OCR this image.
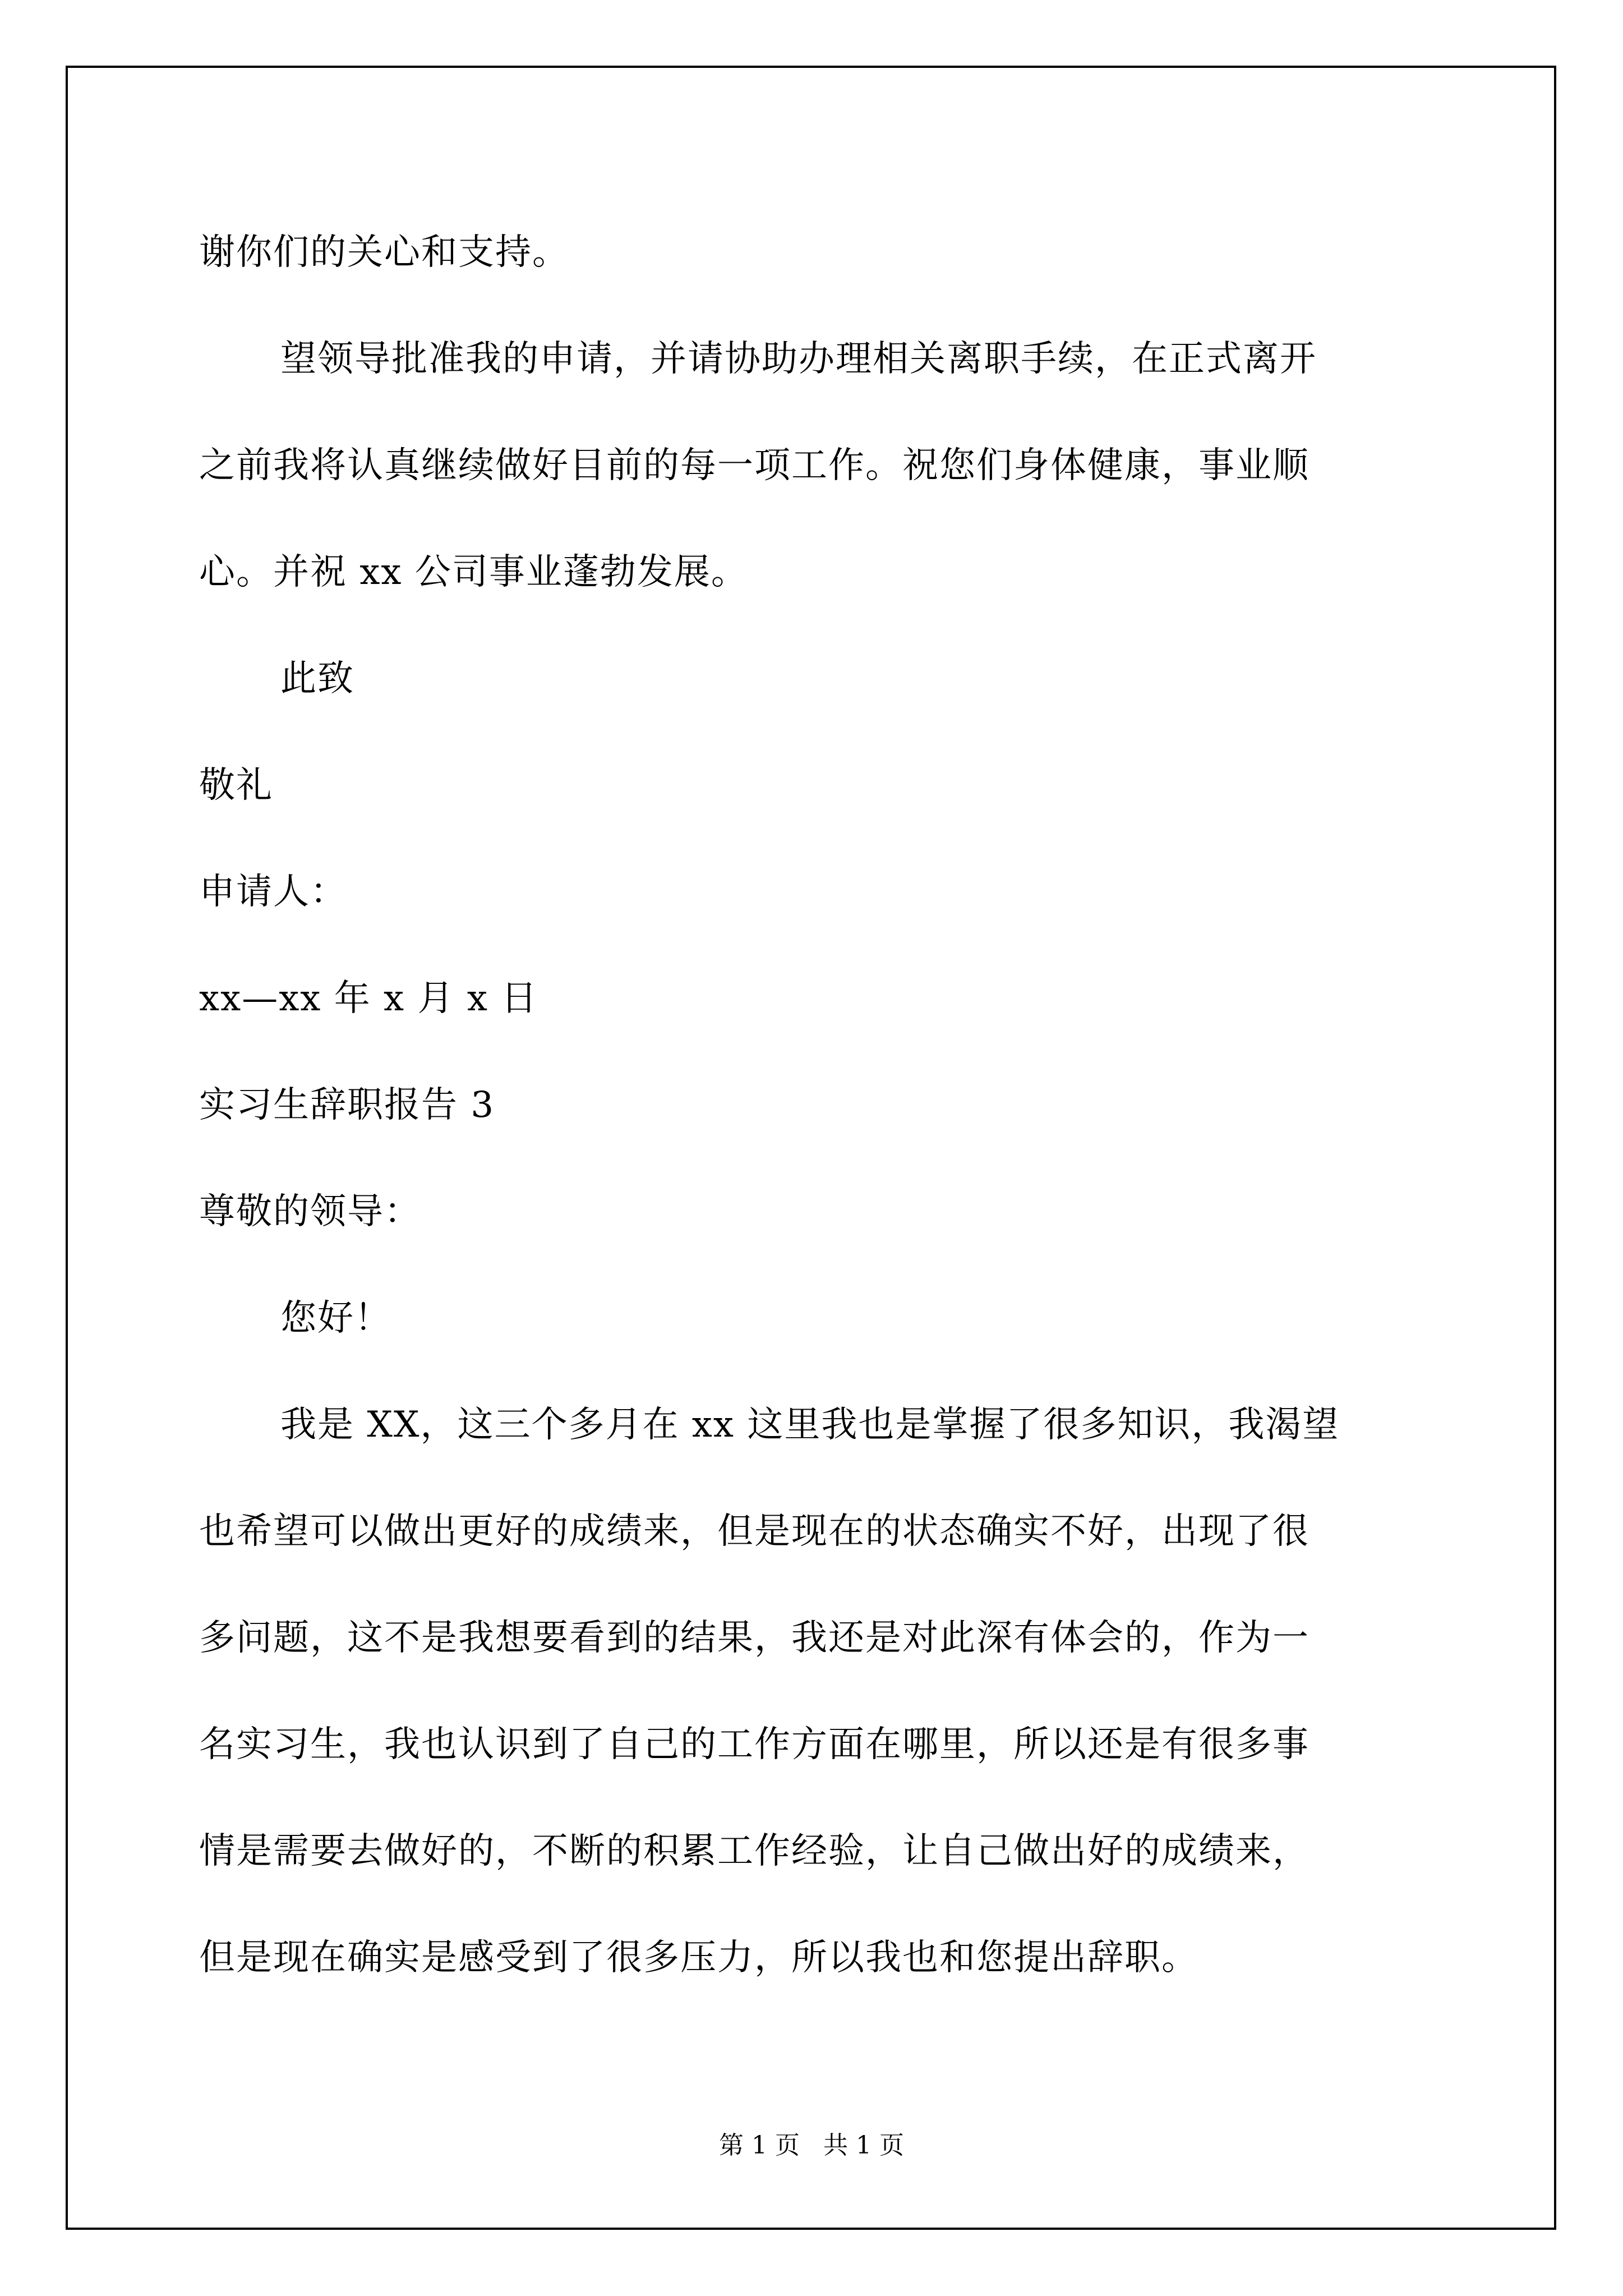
谢你们的关心和支持。
望领导批准我的申请，并请协助办理相关离职手续，在正式离开
之前我将认真继续做好目前的每一项工作。祝您们身体健康，事业顺
心。并祝 xx 公司事业蓬勃发展。
此致
敬礼
申请人：
xx—xx 年 x 月 x 日
实习生辞职报告 3
尊敬的领导：
您好！
我是 XX，这三个多月在 xx 这里我也是掌握了很多知识，我渴望
也希望可以做出更好的成绩来，但是现在的状态确实不好，出现了很
多问题，这不是我想要看到的结果，我还是对此深有体会的，作为一
名实习生，我也认识到了自己的工作方面在哪里，所以还是有很多事
情是需要去做好的，不断的积累工作经验，让自己做出好的成绩来，
但是现在确实是感受到了很多压力，所以我也和您提出辞职。
第 1 页   共 1 页
